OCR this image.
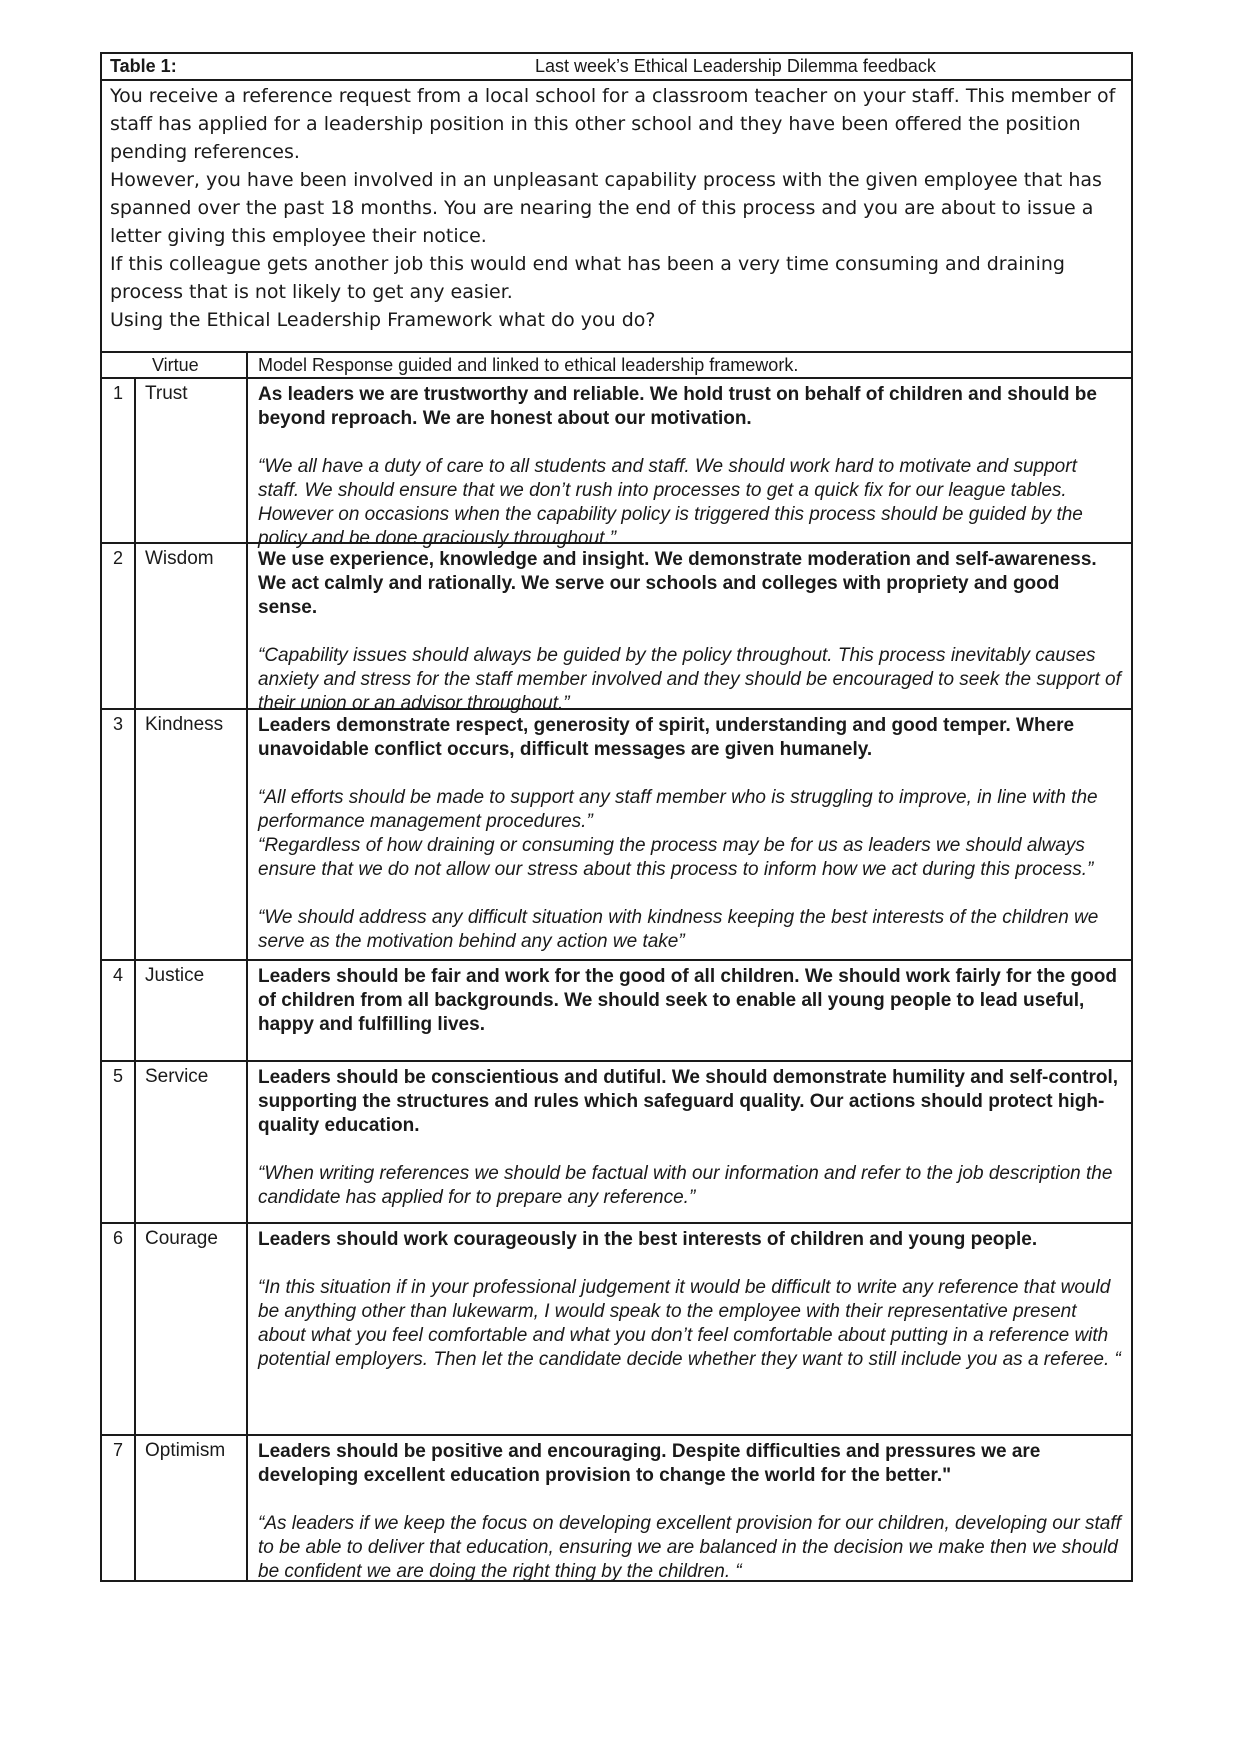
Table 1:	Last week’s Ethical Leadership Dilemma feedback

You receive a reference request from a local school for a classroom teacher on your staff. This member of staff has applied for a leadership position in this other school and they have been offered the position pending references.

However, you have been involved in an unpleasant capability process with the given employee that has spanned over the past 18 months. You are nearing the end of this process and you are about to issue a letter giving this employee their notice.

If this colleague gets another job this would end what has been a very time consuming and draining process that is not likely to get any easier.

Using the Ethical Leadership Framework what do you do?

Virtue	Model Response guided and linked to ethical leadership framework.
1	Trust	As leaders we are trustworthy and reliable. We hold trust on behalf of children and should be beyond reproach. We are honest about our motivation.

“We all have a duty of care to all students and staff. We should work hard to motivate and support staff. We should ensure that we don’t rush into processes to get a quick fix for our league tables. However on occasions when the capability policy is triggered this process should be guided by the policy and be done graciously throughout.”

2	Wisdom	We use experience, knowledge and insight. We demonstrate moderation and self-awareness. We act calmly and rationally. We serve our schools and colleges with propriety and good sense.

“Capability issues should always be guided by the policy throughout. This process inevitably causes anxiety and stress for the staff member involved and they should be encouraged to seek the support of their union or an advisor throughout.”

3	Kindness	Leaders demonstrate respect, generosity of spirit, understanding and good temper. Where unavoidable conflict occurs, difficult messages are given humanely.

“All efforts should be made to support any staff member who is struggling to improve, in line with the performance management procedures.”

“Regardless of how draining or consuming the process may be for us as leaders we should always ensure that we do not allow our stress about this process to inform how we act during this process.”

“We should address any difficult situation with kindness keeping the best interests of the children we serve as the motivation behind any action we take”

4	Justice	Leaders should be fair and work for the good of all children. We should work fairly for the good of children from all backgrounds. We should seek to enable all young people to lead useful, happy and fulfilling lives.

5	Service	Leaders should be conscientious and dutiful. We should demonstrate humility and self-control, supporting the structures and rules which safeguard quality. Our actions should protect high-quality education.

“When writing references we should be factual with our information and refer to the job description the candidate has applied for to prepare any reference.”

6	Courage	Leaders should work courageously in the best interests of children and young people.

“In this situation if in your professional judgement it would be difficult to write any reference that would be anything other than lukewarm, I would speak to the employee with their representative present about what you feel comfortable and what you don’t feel comfortable about putting in a reference with potential employers. Then let the candidate decide whether they want to still include you as a referee. “

7	Optimism	Leaders should be positive and encouraging. Despite difficulties and pressures we are developing excellent education provision to change the world for the better."

“As leaders if we keep the focus on developing excellent provision for our children, developing our staff to be able to deliver that education, ensuring we are balanced in the decision we make then we should be confident we are doing the right thing by the children. “
